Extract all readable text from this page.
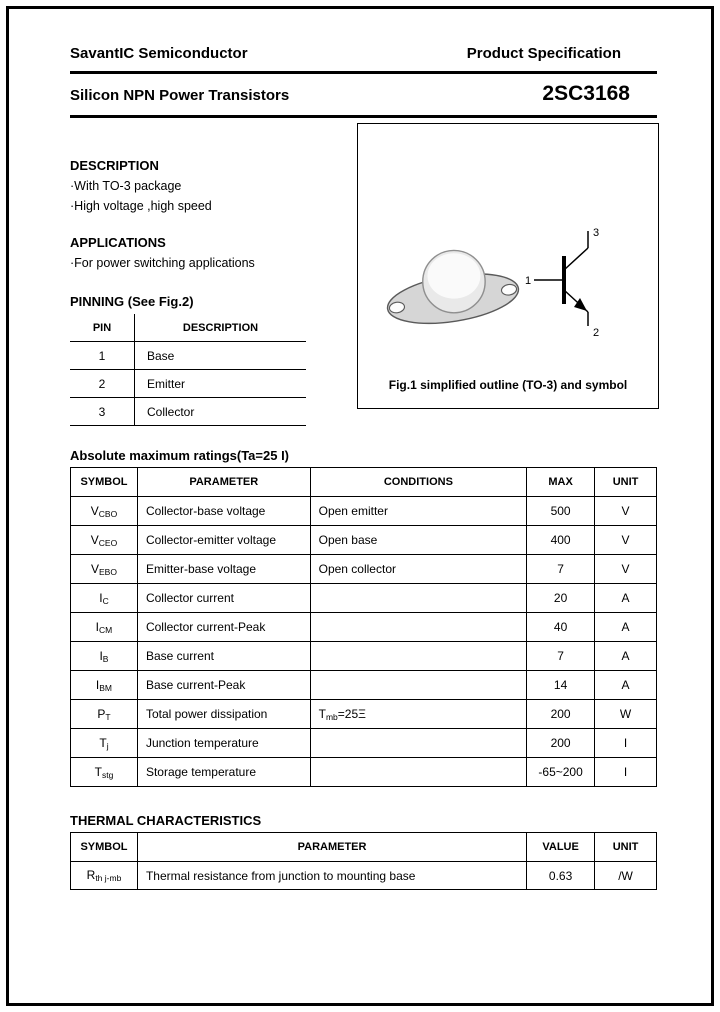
SavantIC Semiconductor	Product Specification
Silicon NPN Power Transistors	2SC3168
DESCRIPTION
·With TO-3 package
·High voltage ,high speed
APPLICATIONS
·For power switching applications
PINNING (See Fig.2)
PIN	DESCRIPTION
1	Base
2	Emitter
3	Collector
Absolute maximum ratings(Ta=25 I)
SYMBOL	PARAMETER	CONDITIONS	MAX	UNIT
$V_{CBO}$	Collector-base voltage	Open emitter	500	V
$V_{CEO}$	Collector-emitter voltage	Open base	400	V
$V_{EBO}$	Emitter-base voltage	Open collector	7	V
$I_C$	Collector current		20	A
$I_{CM}$	Collector current-Peak		40	A
$I_B$	Base current		7	A
$I_{BM}$	Base current-Peak		14	A
$P_T$	Total power dissipation	$T_{mb}=25\Xi$	200	W
$T_j$	Junction temperature		200	I
$T_{stg}$	Storage temperature		-65~200	I
THERMAL CHARACTERISTICS
SYMBOL	PARAMETER	VALUE	UNIT
$R_{th j-mb}$	Thermal resistance from junction to mounting base	0.63	/W
1
3
2
Fig.1 simplified outline (TO-3) and symbol
